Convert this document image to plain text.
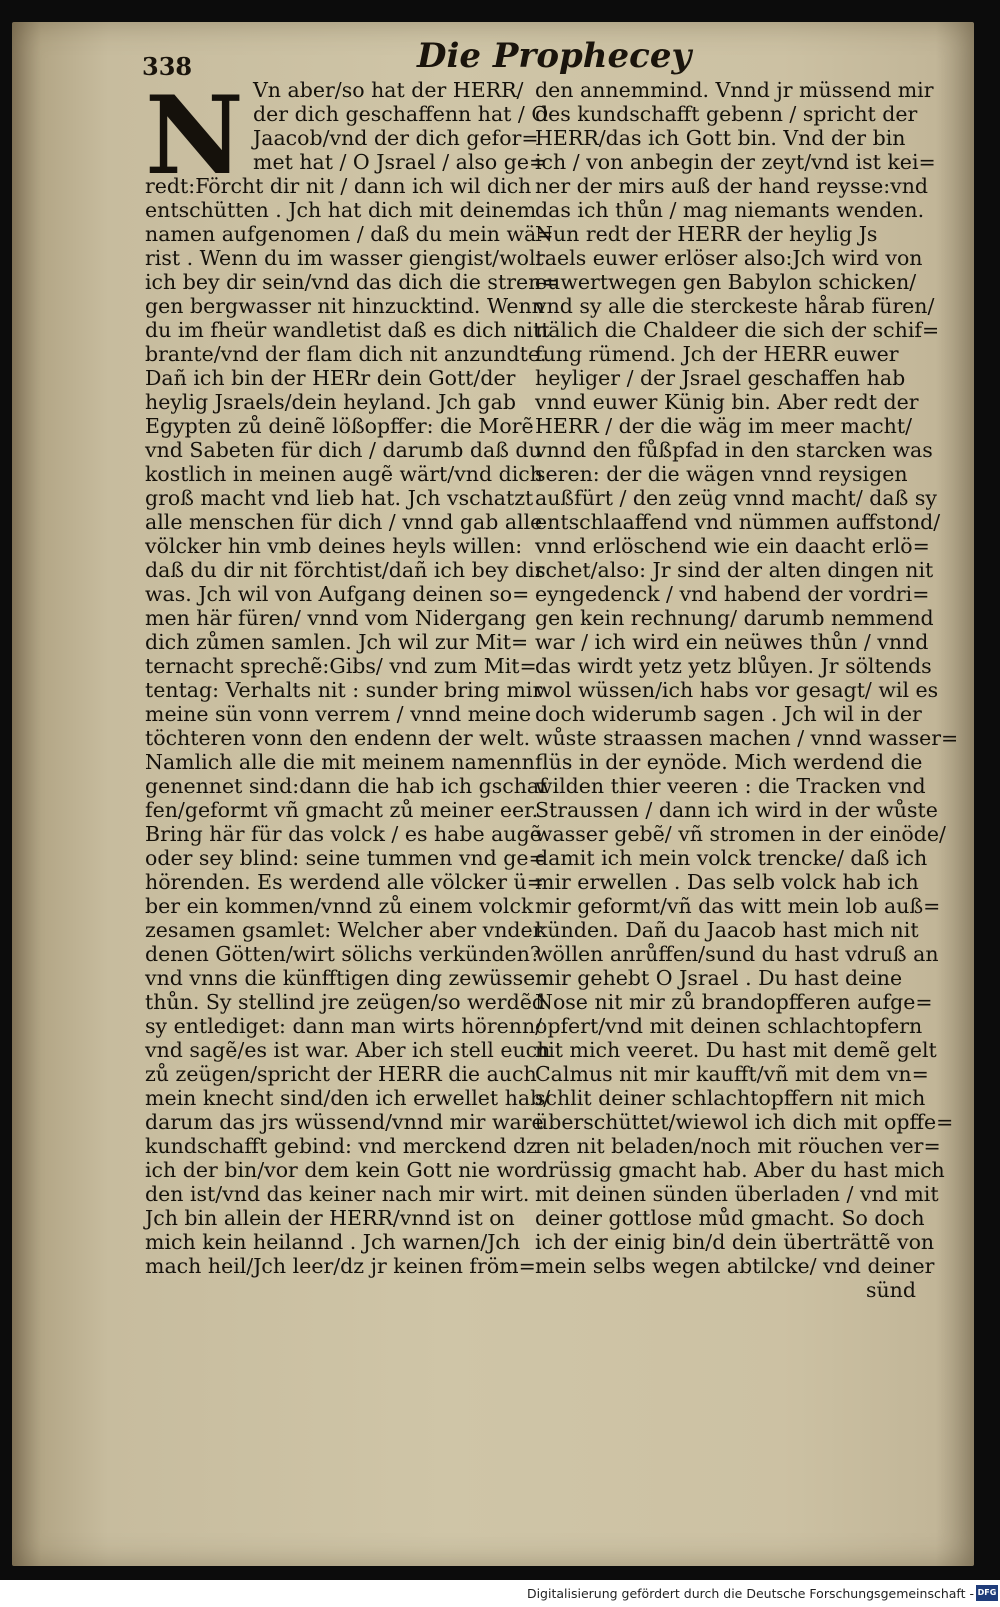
338	Die Prophecey
N Vn aber/so hat der HERR/
der dich geschaffenn hat / O
Jaacob/vnd der dich gefor=
met hat / O Jsrael / also ge=
redt:Förcht dir nit / dann ich wil dich
entschütten . Jch hat dich mit deinem
namen aufgenomen / daß du mein wä=
rist . Wenn du im wasser giengist/wolt
ich bey dir sein/vnd das dich die stren=
gen bergwasser nit hinzucktind. Wenn
du im fheür wandletist daß es dich nitt
brante/vnd der flam dich nit anzundte.
Dañ ich bin der HERr dein Gott/der
heylig Jsraels/dein heyland. Jch gab
Egypten zů deinẽ lößopffer: die Morẽ
vnd Sabeten für dich / darumb daß du
kostlich in meinen augẽ wärt/vnd dich
groß macht vnd lieb hat. Jch vschatzt
alle menschen für dich / vnnd gab alle
völcker hin vmb deines heyls willen:
daß du dir nit förchtist/dañ ich bey dir
was. Jch wil von Aufgang deinen so=
men här füren/ vnnd vom Nidergang
dich zůmen samlen. Jch wil zur Mit=
ternacht sprechẽ:Gibs/ vnd zum Mit=
tentag: Verhalts nit : sunder bring mir
meine sün vonn verrem / vnnd meine
töchteren vonn den endenn der welt.
Namlich alle die mit meinem namenn
genennet sind:dann die hab ich gschaf
fen/geformt vñ gmacht zů meiner eer.
Bring här für das volck / es habe augẽ
oder sey blind: seine tummen vnd ge=
hörenden. Es werdend alle völcker ü=
ber ein kommen/vnnd zů einem volck
zesamen gsamlet: Welcher aber vnder
denen Götten/wirt sölichs verkünden?
vnd vnns die künfftigen ding zewüssen
thůn. Sy stellind jre zeügen/so werdẽd
sy entlediget: dann man wirts hörenn/
vnd sagẽ/es ist war. Aber ich stell euch
zů zeügen/spricht der HERR die auch
mein knecht sind/den ich erwellet hab/
darum das jrs wüssend/vnnd mir ware
kundschafft gebind: vnd merckend dz
ich der bin/vor dem kein Gott nie wor
den ist/vnd das keiner nach mir wirt.
Jch bin allein der HERR/vnnd ist on
mich kein heilannd . Jch warnen/Jch
mach heil/Jch leer/dz jr keinen fröm=
den annemmind. Vnnd jr müssend mir
des kundschafft gebenn / spricht der
HERR/das ich Gott bin. Vnd der bin
ich / von anbegin der zeyt/vnd ist kei=
ner der mirs auß der hand reysse:vnd
das ich thůn / mag niemants wenden.
Nun redt der HERR der heylig Js
raels euwer erlöser also:Jch wird von
euwertwegen gen Babylon schicken/
vnd sy alle die sterckeste hårab füren/
nälich die Chaldeer die sich der schif=
fung rümend. Jch der HERR euwer
heyliger / der Jsrael geschaffen hab
vnnd euwer Künig bin. Aber redt der
HERR / der die wäg im meer macht/
vnnd den fůßpfad in den starcken was
seren: der die wägen vnnd reysigen
außfürt / den zeüg vnnd macht/ daß sy
entschlaaffend vnd nümmen auffstond/
vnnd erlöschend wie ein daacht erlö=
schet/also: Jr sind der alten dingen nit
eyngedenck / vnd habend der vordri=
gen kein rechnung/ darumb nemmend
war / ich wird ein neüwes thůn / vnnd
das wirdt yetz yetz blůyen. Jr söltends
wol wüssen/ich habs vor gesagt/ wil es
doch widerumb sagen . Jch wil in der
wůste straassen machen / vnnd wasser=
flüs in der eynöde. Mich werdend die
wilden thier veeren : die Tracken vnd
Straussen / dann ich wird in der wůste
wasser gebẽ/ vñ stromen in der einöde/
damit ich mein volck trencke/ daß ich
mir erwellen . Das selb volck hab ich
mir geformt/vñ das witt mein lob auß=
künden. Dañ du Jaacob hast mich nit
wöllen anrůffen/sund du hast vdruß an
mir gehebt O Jsrael . Du hast deine
Nose nit mir zů brandopfferen aufge=
opfert/vnd mit deinen schlachtopfern
nit mich veeret. Du hast mit demẽ gelt
Calmus nit mir kaufft/vñ mit dem vn=
schlit deiner schlachtopffern nit mich
überschüttet/wiewol ich dich mit opffe=
ren nit beladen/noch mit röuchen ver=
drüssig gmacht hab. Aber du hast mich
mit deinen sünden überladen / vnd mit
deiner gottlose můd gmacht. So doch
ich der einig bin/d dein überträttẽ von
mein selbs wegen abtilcke/ vnd deiner
sünd
Digitalisierung gefördert durch die Deutsche Forschungsgemeinschaft - DFG
